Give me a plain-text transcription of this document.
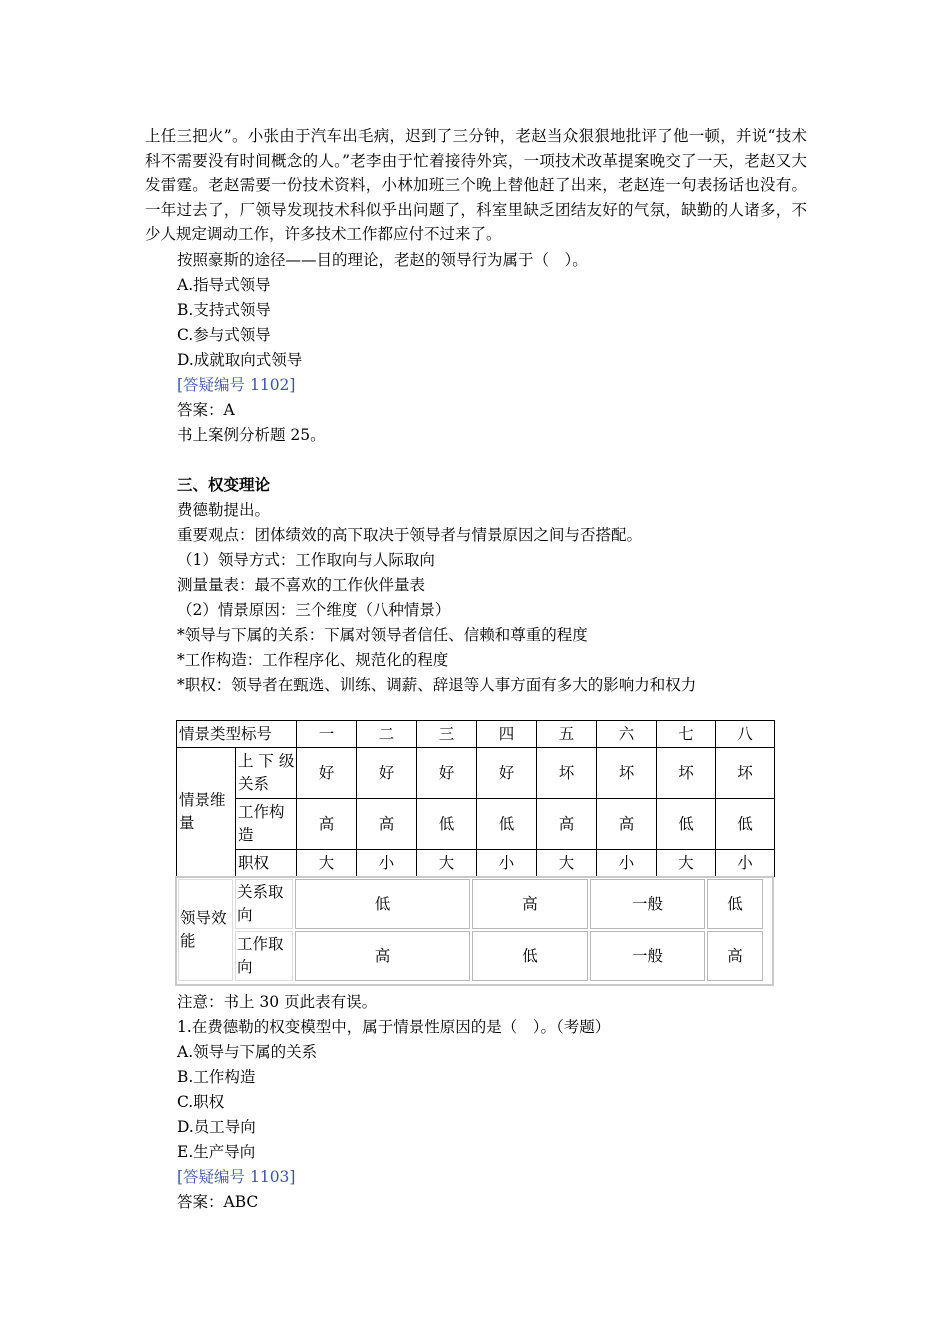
上任三把火”。小张由于汽车出毛病，迟到了三分钟，老赵当众狠狠地批评了他一顿，并说“技术科不需要没有时间概念的人。”老李由于忙着接待外宾，一项技术改革提案晚交了一天，老赵又大发雷霆。老赵需要一份技术资料，小林加班三个晚上替他赶了出来，老赵连一句表扬话也没有。一年过去了，厂领导发现技术科似乎出问题了，科室里缺乏团结友好的气氛，缺勤的人诸多，不少人规定调动工作，许多技术工作都应付不过来了。
按照豪斯的途径——目的理论，老赵的领导行为属于（　）。
A.指导式领导
B.支持式领导
C.参与式领导
D.成就取向式领导
[答疑编号 1102]
答案：A
书上案例分析题 25。
三、权变理论
费德勒提出。
重要观点：团体绩效的高下取决于领导者与情景原因之间与否搭配。
（1）领导方式：工作取向与人际取向
测量量表：最不喜欢的工作伙伴量表
（2）情景原因：三个维度（八种情景）
*领导与下属的关系：下属对领导者信任、信赖和尊重的程度
*工作构造：工作程序化、规范化的程度
*职权：领导者在甄选、训练、调薪、辞退等人事方面有多大的影响力和权力
情景类型标号		一	二	三	四	五	六	七	八
情景维量	上 下 级关系	好	好	好	好	坏	坏	坏	坏
	工作构造	高	高	低	低	高	高	低	低
	职权	大	小	大	小	大	小	大	小
领导效能	关系取向	低	高	一般	低
	工作取向	高	低	一般	高
注意：书上 30 页此表有误。
1.在费德勒的权变模型中，属于情景性原因的是（　）。（考题）
A.领导与下属的关系
B.工作构造
C.职权
D.员工导向
E.生产导向
[答疑编号 1103]
答案：ABC
